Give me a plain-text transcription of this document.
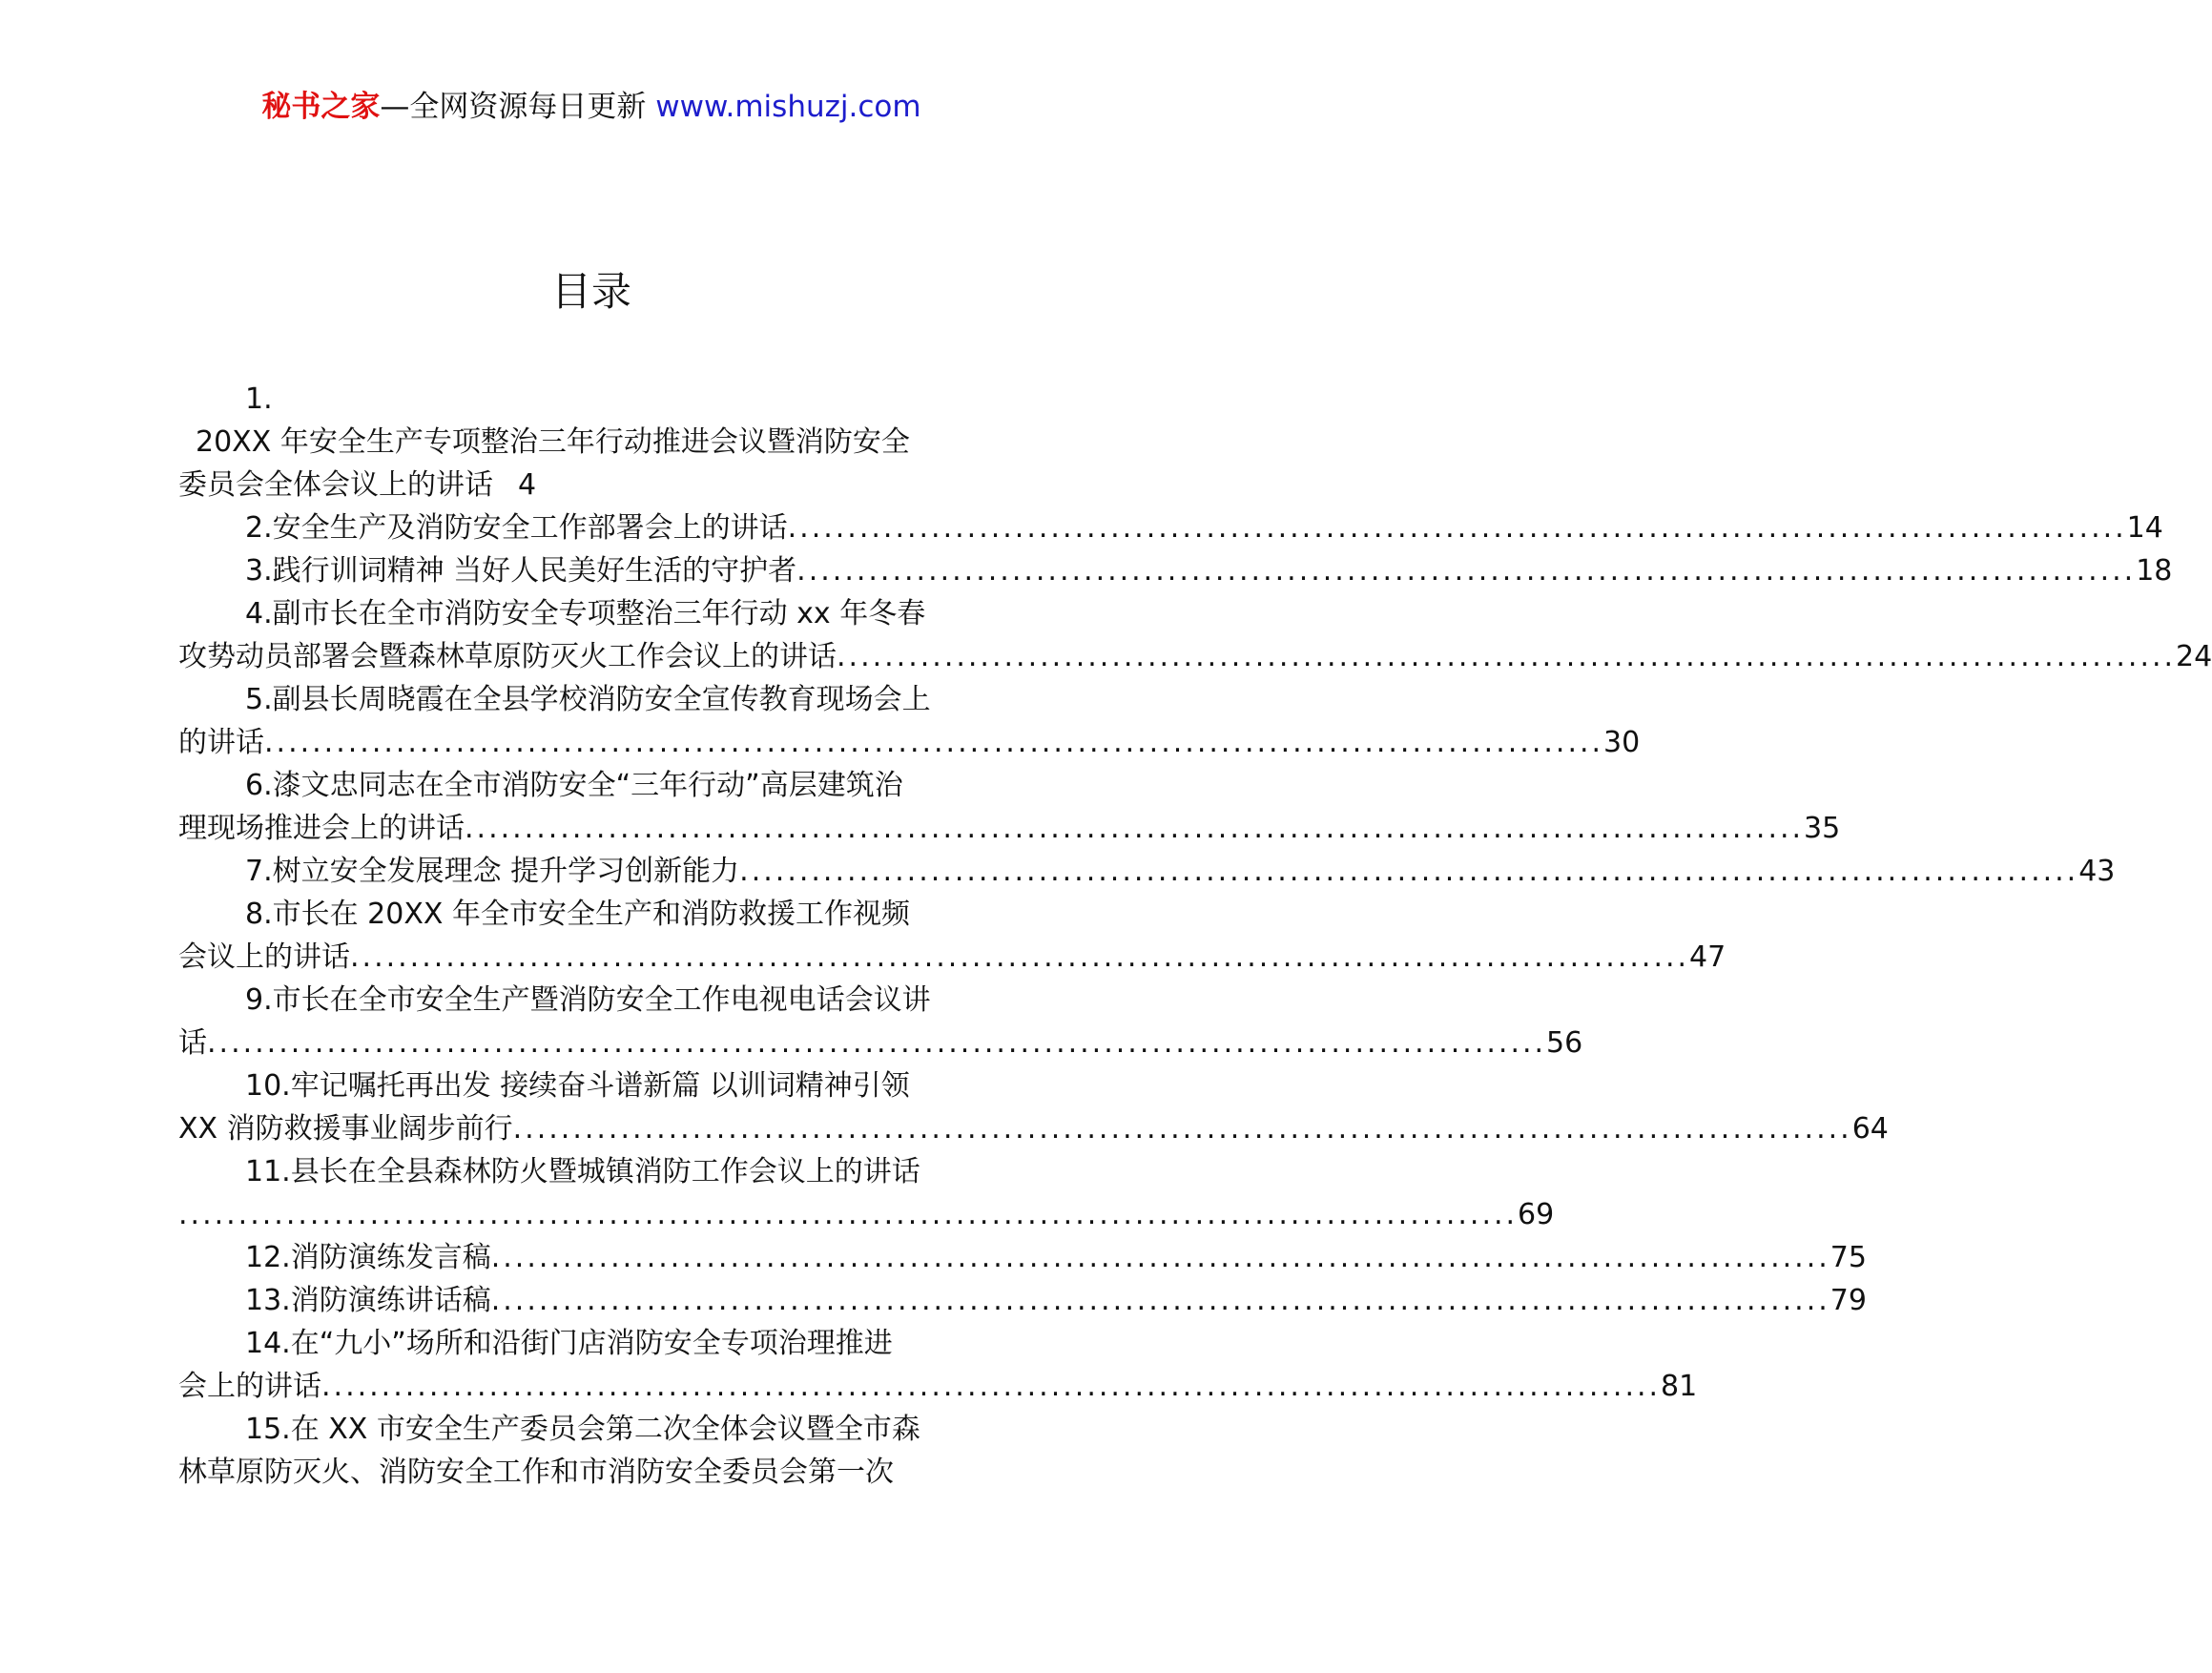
秘书之家—全网资源每日更新 www.mishuzj.com
目录
1.
20XX 年安全生产专项整治三年行动推进会议暨消防安全
委员会全体会议上的讲话 4
2.安全生产及消防安全工作部署会上的讲话 ................................................................................................................ 14
3.践行训词精神 当好人民美好生活的守护者 ................................................................................................................ 18
4.副市长在全市消防安全专项整治三年行动 xx 年冬春
攻势动员部署会暨森林草原防灭火工作会议上的讲话 ................................................................................................................ 24
5.副县长周晓霞在全县学校消防安全宣传教育现场会上
的讲话 ................................................................................................................ 30
6.漆文忠同志在全市消防安全“三年行动”高层建筑治
理现场推进会上的讲话 ................................................................................................................ 35
7.树立安全发展理念 提升学习创新能力 ................................................................................................................ 43
8.市长在 20XX 年全市安全生产和消防救援工作视频
会议上的讲话 ................................................................................................................ 47
9.市长在全市安全生产暨消防安全工作电视电话会议讲
话 ................................................................................................................ 56
10.牢记嘱托再出发 接续奋斗谱新篇 以训词精神引领
XX 消防救援事业阔步前行 ................................................................................................................ 64
11.县长在全县森林防火暨城镇消防工作会议上的讲话
................................................................................................................ 69
12.消防演练发言稿 ................................................................................................................ 75
13.消防演练讲话稿 ................................................................................................................ 79
14.在“九小”场所和沿街门店消防安全专项治理推进
会上的讲话 ................................................................................................................ 81
15.在 XX 市安全生产委员会第二次全体会议暨全市森
林草原防灭火、消防安全工作和市消防安全委员会第一次
